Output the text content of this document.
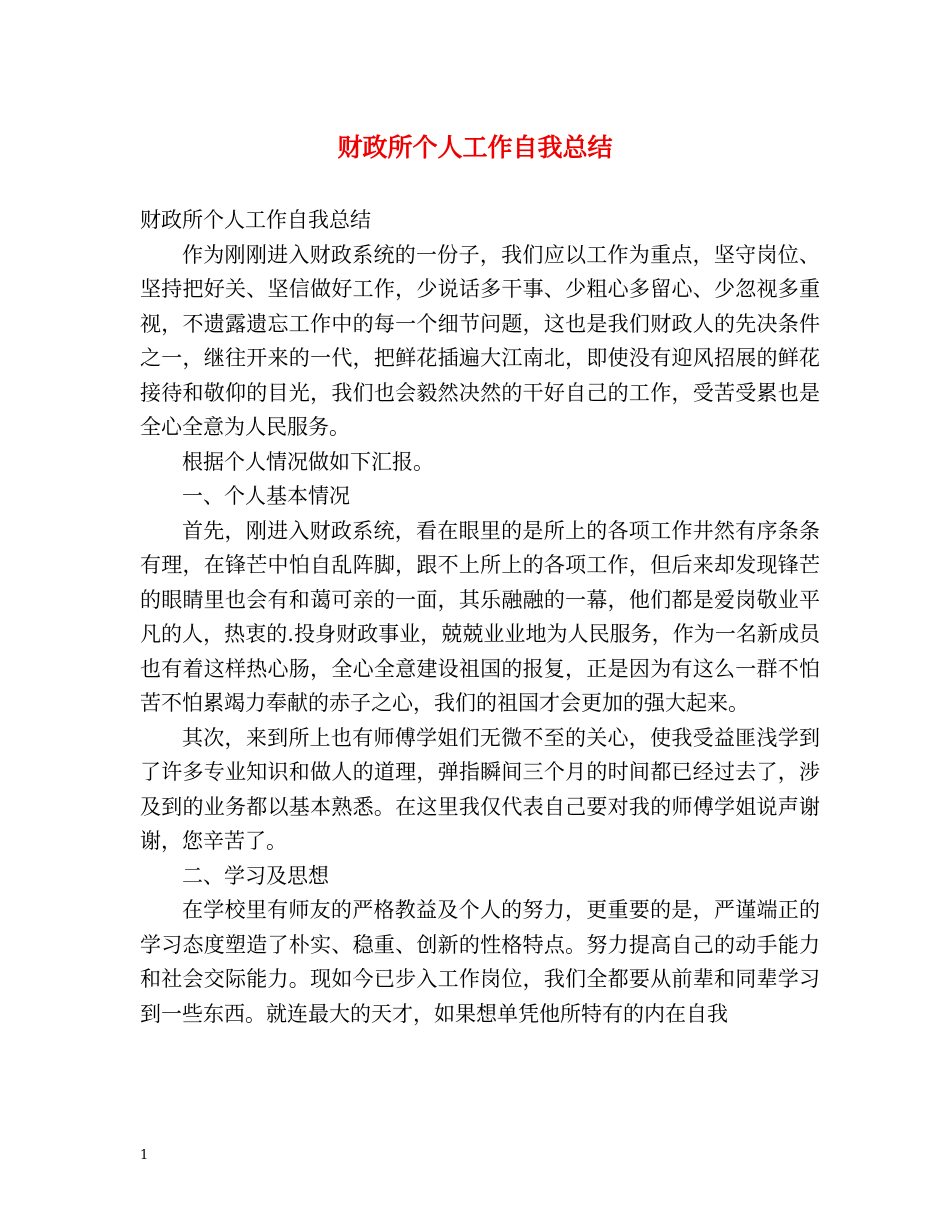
财政所个人工作自我总结

财政所个人工作自我总结

作为刚刚进入财政系统的一份子，我们应以工作为重点，坚守岗位、坚持把好关、坚信做好工作，少说话多干事、少粗心多留心、少忽视多重视，不遗露遗忘工作中的每一个细节问题，这也是我们财政人的先决条件之一，继往开来的一代，把鲜花插遍大江南北，即使没有迎风招展的鲜花接待和敬仰的目光，我们也会毅然决然的干好自己的工作，受苦受累也是全心全意为人民服务。

根据个人情况做如下汇报。

一、个人基本情况

首先，刚进入财政系统，看在眼里的是所上的各项工作井然有序条条有理，在锋芒中怕自乱阵脚，跟不上所上的各项工作，但后来却发现锋芒的眼睛里也会有和蔼可亲的一面，其乐融融的一幕，他们都是爱岗敬业平凡的人，热衷的.投身财政事业，兢兢业业地为人民服务，作为一名新成员也有着这样热心肠，全心全意建设祖国的报复，正是因为有这么一群不怕苦不怕累竭力奉献的赤子之心，我们的祖国才会更加的强大起来。

其次，来到所上也有师傅学姐们无微不至的关心，使我受益匪浅学到了许多专业知识和做人的道理，弹指瞬间三个月的时间都已经过去了，涉及到的业务都以基本熟悉。在这里我仅代表自己要对我的师傅学姐说声谢谢，您辛苦了。

二、学习及思想

在学校里有师友的严格教益及个人的努力，更重要的是，严谨端正的学习态度塑造了朴实、稳重、创新的性格特点。努力提高自己的动手能力和社会交际能力。现如今已步入工作岗位，我们全都要从前辈和同辈学习到一些东西。就连最大的天才，如果想单凭他所特有的内在自我

1
